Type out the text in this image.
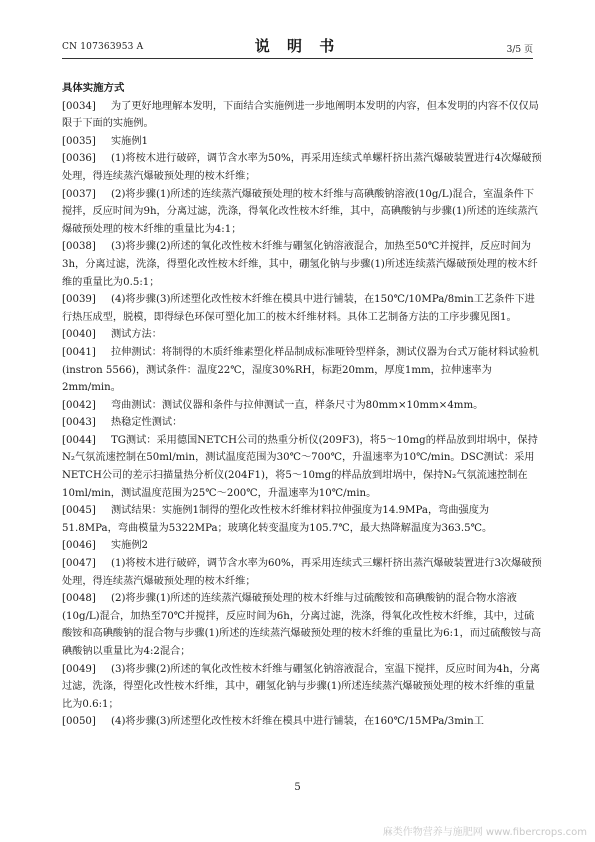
CN 107363953 A	说 明 书	3/5 页
具体实施方式
[0034] 为了更好地理解本发明，下面结合实施例进一步地阐明本发明的内容，但本发明的内容不仅仅局限于下面的实施例。
[0035] 实施例1
[0036] (1)将桉木进行破碎，调节含水率为50%，再采用连续式单螺杆挤出蒸汽爆破装置进行4次爆破预处理，得连续蒸汽爆破预处理的桉木纤维；
[0037] (2)将步骤(1)所述的连续蒸汽爆破预处理的桉木纤维与高碘酸钠溶液(10g/L)混合，室温条件下搅拌，反应时间为9h，分离过滤，洗涤，得氧化改性桉木纤维，其中，高碘酸钠与步骤(1)所述的连续蒸汽爆破预处理的桉木纤维的重量比为4:1；
[0038] (3)将步骤(2)所述的氧化改性桉木纤维与硼氢化钠溶液混合，加热至50℃并搅拌，反应时间为3h，分离过滤，洗涤，得塑化改性桉木纤维，其中，硼氢化钠与步骤(1)所述连续蒸汽爆破预处理的桉木纤维的重量比为0.5:1；
[0039] (4)将步骤(3)所述塑化改性桉木纤维在模具中进行铺装，在150℃/10MPa/8min工艺条件下进行热压成型，脱模，即得绿色环保可塑化加工的桉木纤维材料。具体工艺制备方法的工序步骤见图1。
[0040] 测试方法：
[0041] 拉伸测试：将制得的木质纤维素塑化样品制成标准哑铃型样条，测试仪器为台式万能材料试验机(instron 5566)，测试条件：温度22℃，湿度30%RH，标距20mm，厚度1mm，拉伸速率为2mm/min。
[0042] 弯曲测试：测试仪器和条件与拉伸测试一直，样条尺寸为80mm×10mm×4mm。
[0043] 热稳定性测试：
[0044] TG测试：采用德国NETCH公司的热重分析仪(209F3)，将5～10mg的样品放到坩埚中，保持N₂气氛流速控制在50ml/min，测试温度范围为30℃～700℃，升温速率为10℃/min。DSC测试：采用NETCH公司的差示扫描量热分析仪(204F1)，将5～10mg的样品放到坩埚中，保持N₂气氛流速控制在10ml/min，测试温度范围为25℃～200℃，升温速率为10℃/min。
[0045] 测试结果：实施例1制得的塑化改性桉木纤维材料拉伸强度为14.9MPa，弯曲强度为51.8MPa，弯曲模量为5322MPa；玻璃化转变温度为105.7℃，最大热降解温度为363.5℃。
[0046] 实施例2
[0047] (1)将桉木进行破碎，调节含水率为60%，再采用连续式三螺杆挤出蒸汽爆破装置进行3次爆破预处理，得连续蒸汽爆破预处理的桉木纤维；
[0048] (2)将步骤(1)所述的连续蒸汽爆破预处理的桉木纤维与过硫酸铵和高碘酸钠的混合物水溶液(10g/L)混合，加热至70℃并搅拌，反应时间为6h，分离过滤，洗涤，得氧化改性桉木纤维，其中，过硫酸铵和高碘酸钠的混合物与步骤(1)所述的连续蒸汽爆破预处理的桉木纤维的重量比为6:1，而过硫酸铵与高碘酸钠以重量比为4:2混合；
[0049] (3)将步骤(2)所述的氧化改性桉木纤维与硼氢化钠溶液混合，室温下搅拌，反应时间为4h，分离过滤，洗涤，得塑化改性桉木纤维，其中，硼氢化钠与步骤(1)所述连续蒸汽爆破预处理的桉木纤维的重量比为0.6:1；
[0050] (4)将步骤(3)所述塑化改性桉木纤维在模具中进行铺装，在160℃/15MPa/3min工
5
麻类作物营养与施肥网 www.fibercrops.com
